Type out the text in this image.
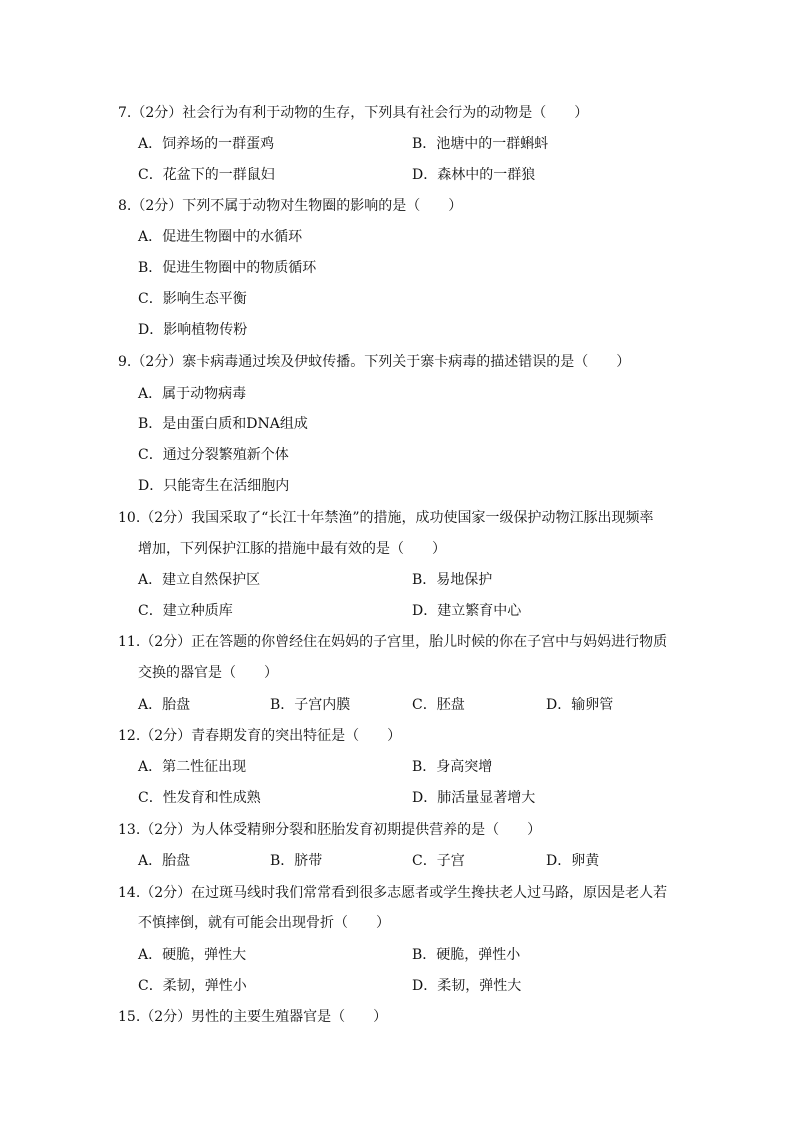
7.（2分）社会行为有利于动物的生存，下列具有社会行为的动物是（　　）
A．饲养场的一群蛋鸡	B．池塘中的一群蝌蚪
C．花盆下的一群鼠妇	D．森林中的一群狼
8.（2分）下列不属于动物对生物圈的影响的是（　　）
A．促进生物圈中的水循环
B．促进生物圈中的物质循环
C．影响生态平衡
D．影响植物传粉
9.（2分）寨卡病毒通过埃及伊蚊传播。下列关于寨卡病毒的描述错误的是（　　）
A．属于动物病毒
B．是由蛋白质和DNA组成
C．通过分裂繁殖新个体
D．只能寄生在活细胞内
10.（2分）我国采取了“长江十年禁渔”的措施，成功使国家一级保护动物江豚出现频率
增加，下列保护江豚的措施中最有效的是（　　）
A．建立自然保护区	B．易地保护
C．建立种质库	D．建立繁育中心
11.（2分）正在答题的你曾经住在妈妈的子宫里，胎儿时候的你在子宫中与妈妈进行物质
交换的器官是（　　）
A．胎盘	B．子宫内膜	C．胚盘	D．输卵管
12.（2分）青春期发育的突出特征是（　　）
A．第二性征出现	B．身高突增
C．性发育和性成熟	D．肺活量显著增大
13.（2分）为人体受精卵分裂和胚胎发育初期提供营养的是（　　）
A．胎盘	B．脐带	C．子宫	D．卵黄
14.（2分）在过斑马线时我们常常看到很多志愿者或学生搀扶老人过马路，原因是老人若
不慎摔倒，就有可能会出现骨折（　　）
A．硬脆，弹性大	B．硬脆，弹性小
C．柔韧，弹性小	D．柔韧，弹性大
15.（2分）男性的主要生殖器官是（　　）
